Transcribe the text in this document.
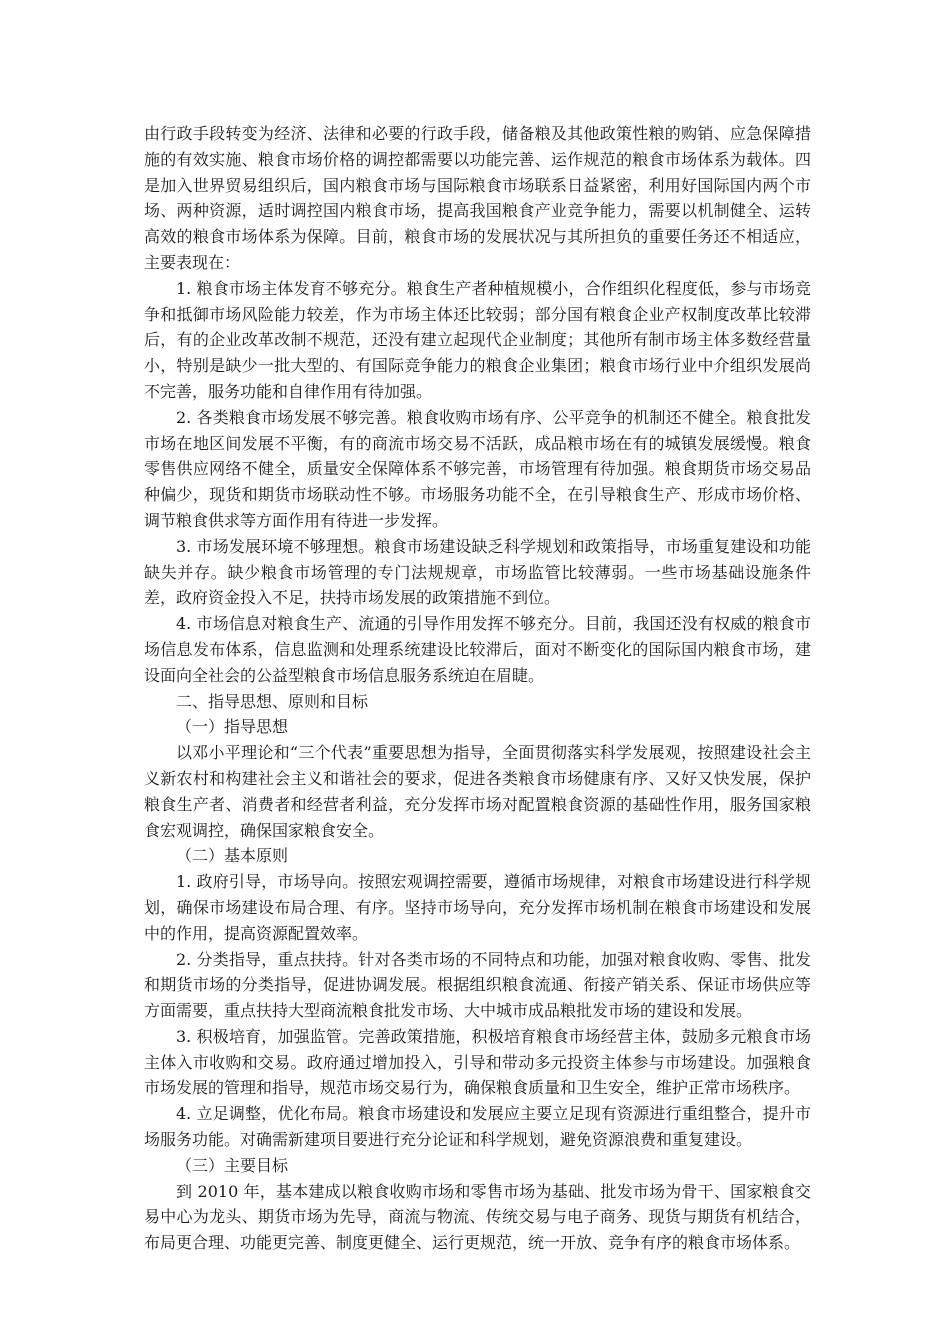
由行政手段转变为经济、法律和必要的行政手段，储备粮及其他政策性粮的购销、应急保障措施的有效实施、粮食市场价格的调控都需要以功能完善、运作规范的粮食市场体系为载体。四是加入世界贸易组织后，国内粮食市场与国际粮食市场联系日益紧密，利用好国际国内两个市场、两种资源，适时调控国内粮食市场，提高我国粮食产业竞争能力，需要以机制健全、运转高效的粮食市场体系为保障。目前，粮食市场的发展状况与其所担负的重要任务还不相适应，主要表现在：

1. 粮食市场主体发育不够充分。粮食生产者种植规模小，合作组织化程度低，参与市场竞争和抵御市场风险能力较差，作为市场主体还比较弱；部分国有粮食企业产权制度改革比较滞后，有的企业改革改制不规范，还没有建立起现代企业制度；其他所有制市场主体多数经营量小，特别是缺少一批大型的、有国际竞争能力的粮食企业集团；粮食市场行业中介组织发展尚不完善，服务功能和自律作用有待加强。

2. 各类粮食市场发展不够完善。粮食收购市场有序、公平竞争的机制还不健全。粮食批发市场在地区间发展不平衡，有的商流市场交易不活跃，成品粮市场在有的城镇发展缓慢。粮食零售供应网络不健全，质量安全保障体系不够完善，市场管理有待加强。粮食期货市场交易品种偏少，现货和期货市场联动性不够。市场服务功能不全，在引导粮食生产、形成市场价格、调节粮食供求等方面作用有待进一步发挥。

3. 市场发展环境不够理想。粮食市场建设缺乏科学规划和政策指导，市场重复建设和功能缺失并存。缺少粮食市场管理的专门法规规章，市场监管比较薄弱。一些市场基础设施条件差，政府资金投入不足，扶持市场发展的政策措施不到位。

4. 市场信息对粮食生产、流通的引导作用发挥不够充分。目前，我国还没有权威的粮食市场信息发布体系，信息监测和处理系统建设比较滞后，面对不断变化的国际国内粮食市场，建设面向全社会的公益型粮食市场信息服务系统迫在眉睫。

二、指导思想、原则和目标

（一）指导思想

以邓小平理论和“三个代表”重要思想为指导，全面贯彻落实科学发展观，按照建设社会主义新农村和构建社会主义和谐社会的要求，促进各类粮食市场健康有序、又好又快发展，保护粮食生产者、消费者和经营者利益，充分发挥市场对配置粮食资源的基础性作用，服务国家粮食宏观调控，确保国家粮食安全。

（二）基本原则

1. 政府引导，市场导向。按照宏观调控需要，遵循市场规律，对粮食市场建设进行科学规划，确保市场建设布局合理、有序。坚持市场导向，充分发挥市场机制在粮食市场建设和发展中的作用，提高资源配置效率。

2. 分类指导，重点扶持。针对各类市场的不同特点和功能，加强对粮食收购、零售、批发和期货市场的分类指导，促进协调发展。根据组织粮食流通、衔接产销关系、保证市场供应等方面需要，重点扶持大型商流粮食批发市场、大中城市成品粮批发市场的建设和发展。

3. 积极培育，加强监管。完善政策措施，积极培育粮食市场经营主体，鼓励多元粮食市场主体入市收购和交易。政府通过增加投入，引导和带动多元投资主体参与市场建设。加强粮食市场发展的管理和指导，规范市场交易行为，确保粮食质量和卫生安全，维护正常市场秩序。

4. 立足调整，优化布局。粮食市场建设和发展应主要立足现有资源进行重组整合，提升市场服务功能。对确需新建项目要进行充分论证和科学规划，避免资源浪费和重复建设。

（三）主要目标

到 2010 年，基本建成以粮食收购市场和零售市场为基础、批发市场为骨干、国家粮食交易中心为龙头、期货市场为先导，商流与物流、传统交易与电子商务、现货与期货有机结合，布局更合理、功能更完善、制度更健全、运行更规范，统一开放、竞争有序的粮食市场体系。
